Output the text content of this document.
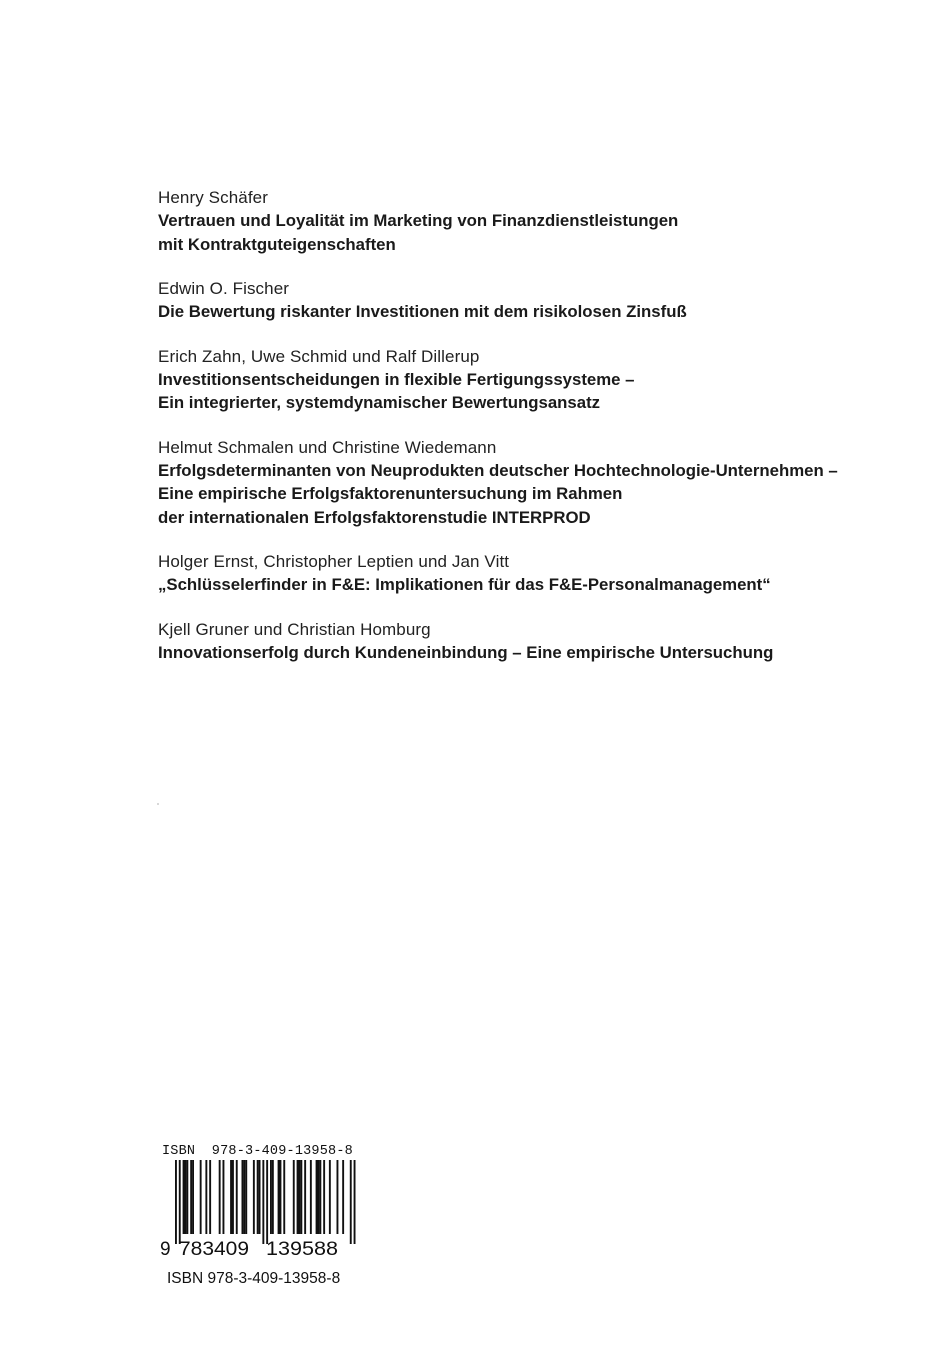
Henry Schäfer
Vertrauen und Loyalität im Marketing von Finanzdienstleistungen
mit Kontraktguteigenschaften
Edwin O. Fischer
Die Bewertung riskanter Investitionen mit dem risikolosen Zinsfuß
Erich Zahn, Uwe Schmid und Ralf Dillerup
Investitionsentscheidungen in flexible Fertigungssysteme –
Ein integrierter, systemdynamischer Bewertungsansatz
Helmut Schmalen und Christine Wiedemann
Erfolgsdeterminanten von Neuprodukten deutscher Hochtechnologie-Unternehmen –
Eine empirische Erfolgsfaktorenuntersuchung im Rahmen
der internationalen Erfolgsfaktorenstudie INTERPROD
Holger Ernst, Christopher Leptien und Jan Vitt
„Schlüsselerfinder in F&E: Implikationen für das F&E-Personalmanagement“
Kjell Gruner und Christian Homburg
Innovationserfolg durch Kundeneinbindung – Eine empirische Untersuchung
ISBN  978-3-409-13958-8
9 783409 139588
ISBN 978-3-409-13958-8
